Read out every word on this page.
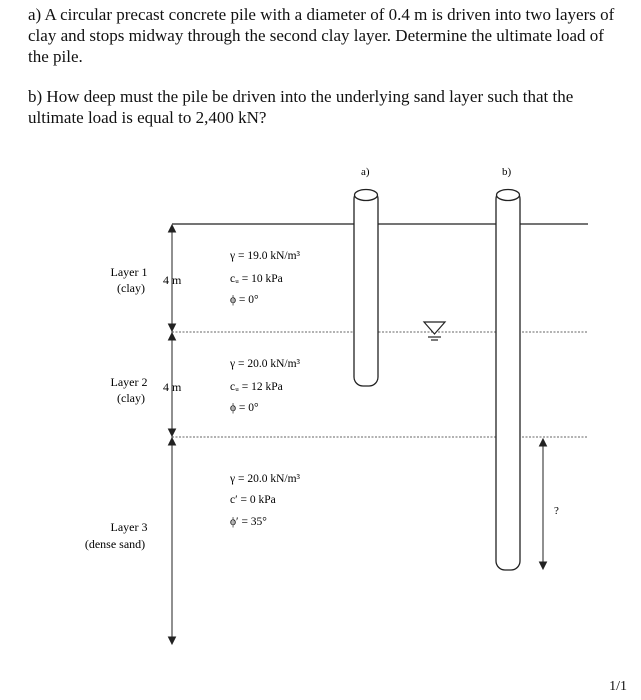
a) A circular precast concrete pile with a diameter of 0.4 m is driven into two layers of clay and stops midway through the second clay layer. Determine the ultimate load of the pile.
b) How deep must the pile be driven into the underlying sand layer such that the ultimate load is equal to 2,400 kN?
4 m
4 m
Layer 1
(clay)
Layer 2
(clay)
Layer 3
(dense sand)
γ = 19.0 kN/m³
cᵤ = 10 kPa
ϕ = 0°
γ = 20.0 kN/m³
cᵤ = 12 kPa
ϕ = 0°
γ = 20.0 kN/m³
c′ = 0 kPa
ϕ′ = 35°
a)	b)
?
1/1
